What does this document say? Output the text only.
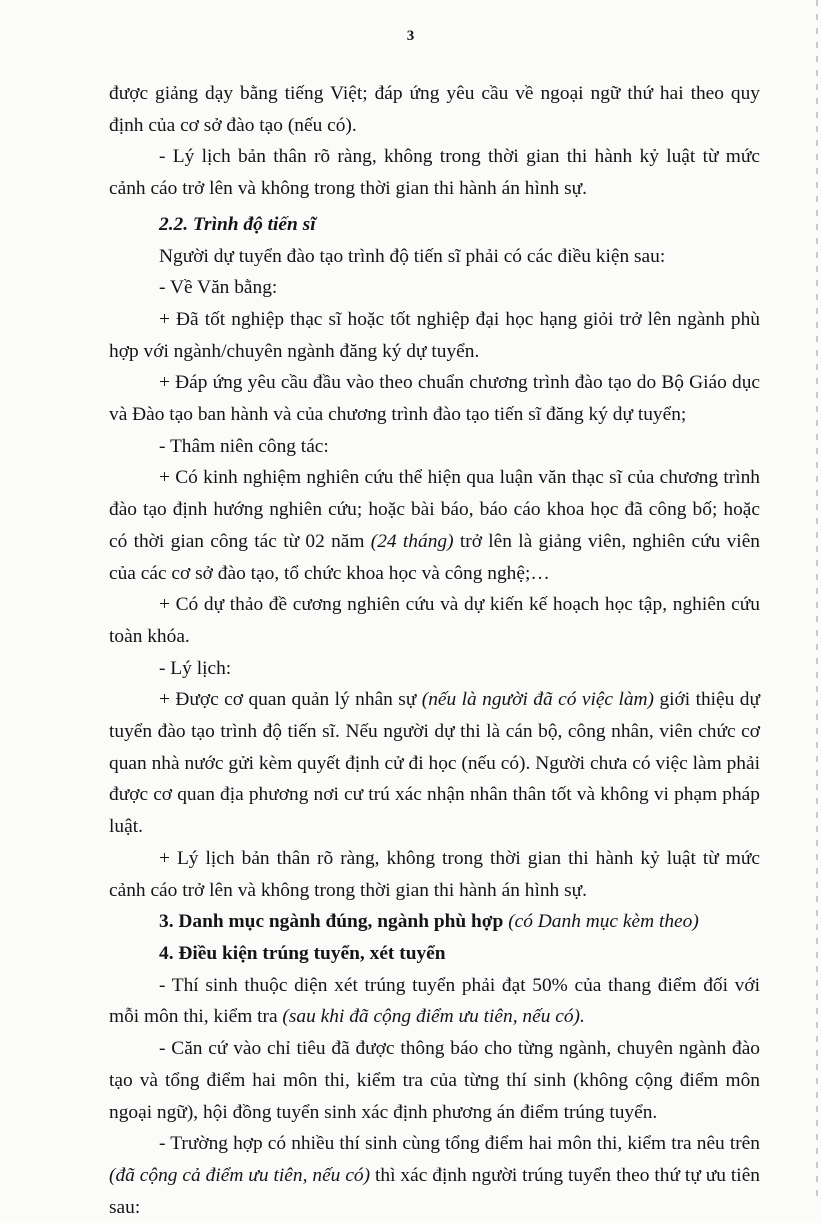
3

được giảng dạy bằng tiếng Việt; đáp ứng yêu cầu về ngoại ngữ thứ hai theo quy định của cơ sở đào tạo (nếu có).

- Lý lịch bản thân rõ ràng, không trong thời gian thi hành kỷ luật từ mức cảnh cáo trở lên và không trong thời gian thi hành án hình sự.

2.2. Trình độ tiến sĩ

Người dự tuyển đào tạo trình độ tiến sĩ phải có các điều kiện sau:

- Về Văn bằng:

+ Đã tốt nghiệp thạc sĩ hoặc tốt nghiệp đại học hạng giỏi trở lên ngành phù hợp với ngành/chuyên ngành đăng ký dự tuyển.

+ Đáp ứng yêu cầu đầu vào theo chuẩn chương trình đào tạo do Bộ Giáo dục và Đào tạo ban hành và của chương trình đào tạo tiến sĩ đăng ký dự tuyển;

- Thâm niên công tác:

+ Có kinh nghiệm nghiên cứu thể hiện qua luận văn thạc sĩ của chương trình đào tạo định hướng nghiên cứu; hoặc bài báo, báo cáo khoa học đã công bố; hoặc có thời gian công tác từ 02 năm (24 tháng) trở lên là giảng viên, nghiên cứu viên của các cơ sở đào tạo, tổ chức khoa học và công nghệ;…

+ Có dự thảo đề cương nghiên cứu và dự kiến kế hoạch học tập, nghiên cứu toàn khóa.

- Lý lịch:

+ Được cơ quan quản lý nhân sự (nếu là người đã có việc làm) giới thiệu dự tuyển đào tạo trình độ tiến sĩ. Nếu người dự thi là cán bộ, công nhân, viên chức cơ quan nhà nước gửi kèm quyết định cử đi học (nếu có). Người chưa có việc làm phải được cơ quan địa phương nơi cư trú xác nhận nhân thân tốt và không vi phạm pháp luật.

+ Lý lịch bản thân rõ ràng, không trong thời gian thi hành kỷ luật từ mức cảnh cáo trở lên và không trong thời gian thi hành án hình sự.

3. Danh mục ngành đúng, ngành phù hợp (có Danh mục kèm theo)

4. Điều kiện trúng tuyển, xét tuyển

- Thí sinh thuộc diện xét trúng tuyển phải đạt 50% của thang điểm đối với mỗi môn thi, kiểm tra (sau khi đã cộng điểm ưu tiên, nếu có).

- Căn cứ vào chỉ tiêu đã được thông báo cho từng ngành, chuyên ngành đào tạo và tổng điểm hai môn thi, kiểm tra của từng thí sinh (không cộng điểm môn ngoại ngữ), hội đồng tuyển sinh xác định phương án điểm trúng tuyển.

- Trường hợp có nhiều thí sinh cùng tổng điểm hai môn thi, kiểm tra nêu trên (đã cộng cả điểm ưu tiên, nếu có) thì xác định người trúng tuyển theo thứ tự ưu tiên sau:
